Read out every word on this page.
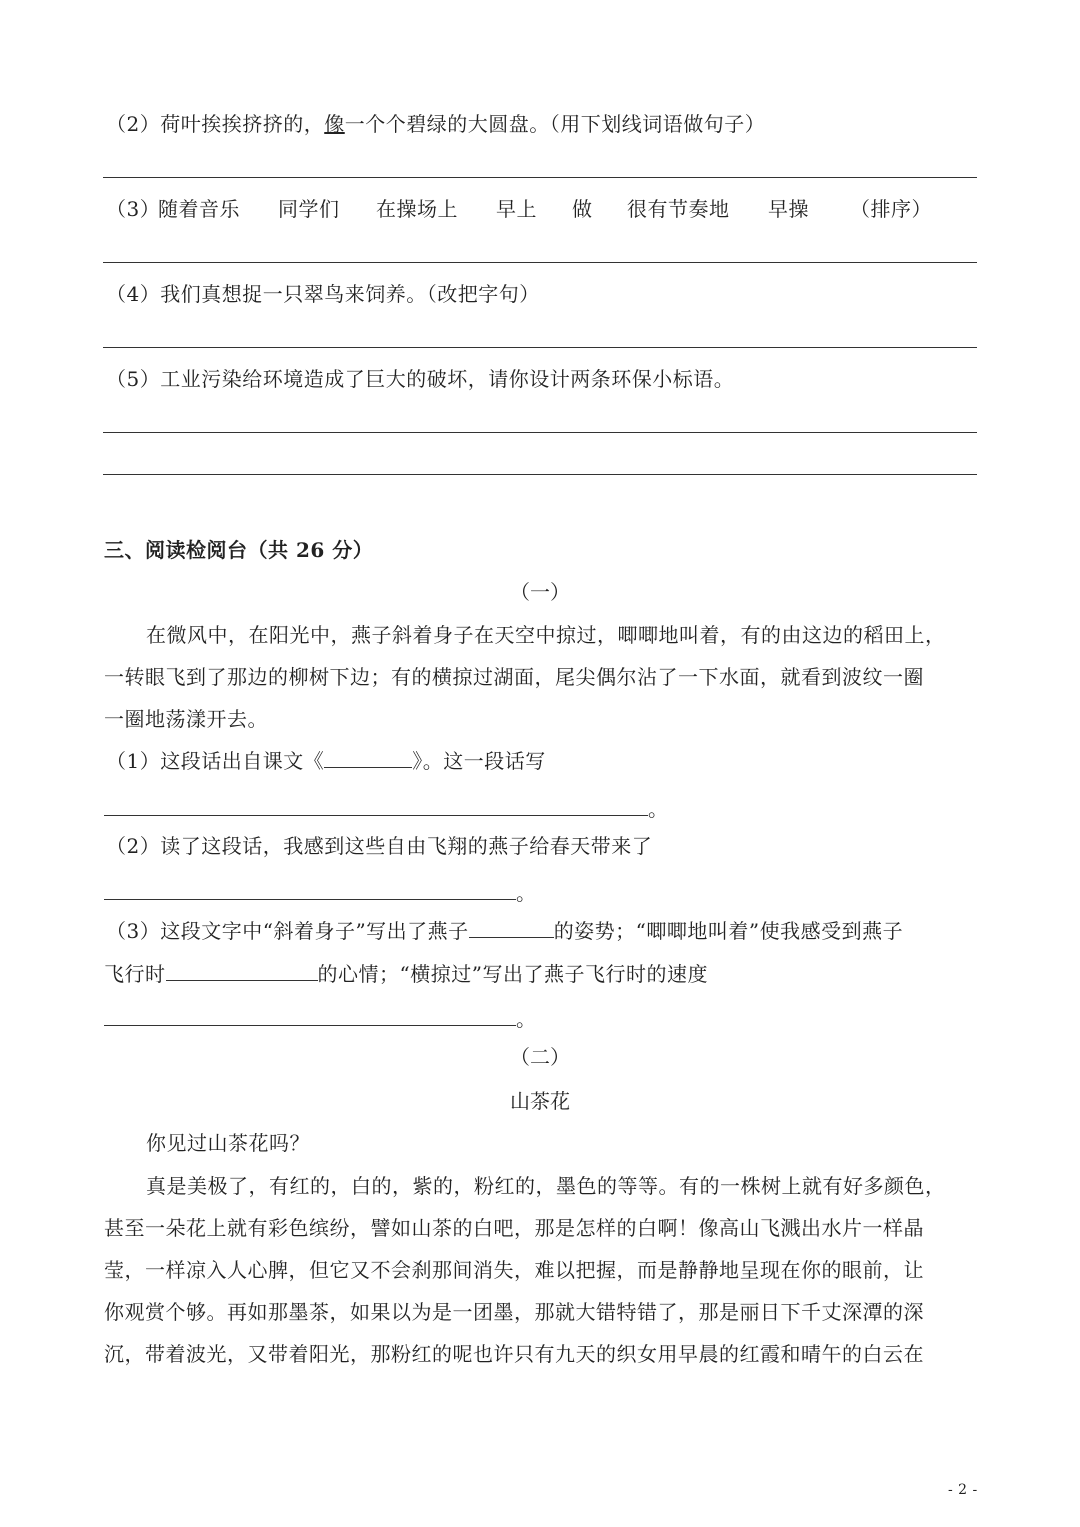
（2）荷叶挨挨挤挤的，像一个个碧绿的大圆盘。（用下划线词语做句子）
（3）
随着音乐 同学们 在操场上 早上 做 很有节奏地 早操 （排序）
（4）我们真想捉一只翠鸟来饲养。（改把字句）
（5）工业污染给环境造成了巨大的破坏，请你设计两条环保小标语。
三、阅读检阅台（共 26 分）
（一）
在微风中，在阳光中，燕子斜着身子在天空中掠过，唧唧地叫着，有的由这边的稻田上，
一转眼飞到了那边的柳树下边；有的横掠过湖面，尾尖偶尔沾了一下水面，就看到波纹一圈
一圈地荡漾开去。
（1）这段话出自课文《	》。这一段话写
。
（2）读了这段话，我感到这些自由飞翔的燕子给春天带来了
。
（3）这段文字中“斜着身子”写出了燕子	的姿势；“唧唧地叫着”使我感受到燕子
飞行时	的心情；“横掠过”写出了燕子飞行时的速度
。
（二）
山茶花
你见过山茶花吗？
真是美极了，有红的，白的，紫的，粉红的，墨色的等等。有的一株树上就有好多颜色，
甚至一朵花上就有彩色缤纷，譬如山茶的白吧，那是怎样的白啊！像高山飞溅出水片一样晶
莹，一样凉入人心脾，但它又不会刹那间消失，难以把握，而是静静地呈现在你的眼前，让
你观赏个够。再如那墨茶，如果以为是一团墨，那就大错特错了，那是丽日下千丈深潭的深
沉，带着波光，又带着阳光，那粉红的呢也许只有九天的织女用早晨的红霞和晴午的白云在
- 2 -
